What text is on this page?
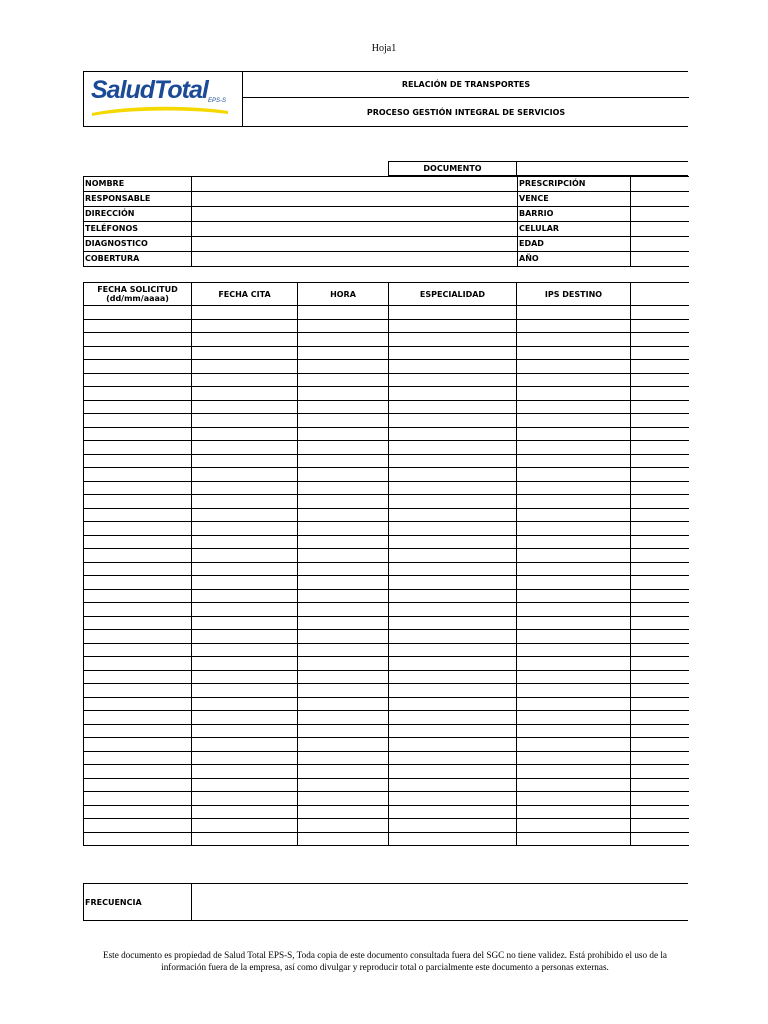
Hoja1
SaludTotal EPS-S
RELACIÓN DE TRANSPORTES
PROCESO GESTIÓN INTEGRAL DE SERVICIOS
DOCUMENTO
NOMBRE		PRESCRIPCIÓN	
RESPONSABLE		VENCE	
DIRECCIÓN		BARRIO	
TELÉFONOS		CELULAR	
DIAGNOSTICO		EDAD	
COBERTURA		AÑO	
FECHA SOLICITUD
(dd/mm/aaaa)	FECHA CITA	HORA	ESPECIALIDAD	IPS DESTINO	

FRECUENCIA
Este documento es propiedad de Salud Total EPS-S, Toda copia de este documento consultada fuera del SGC no tiene validez. Está prohibido el uso de la
información fuera de la empresa, así como divulgar y reproducir total o parcialmente este documento a personas externas.
